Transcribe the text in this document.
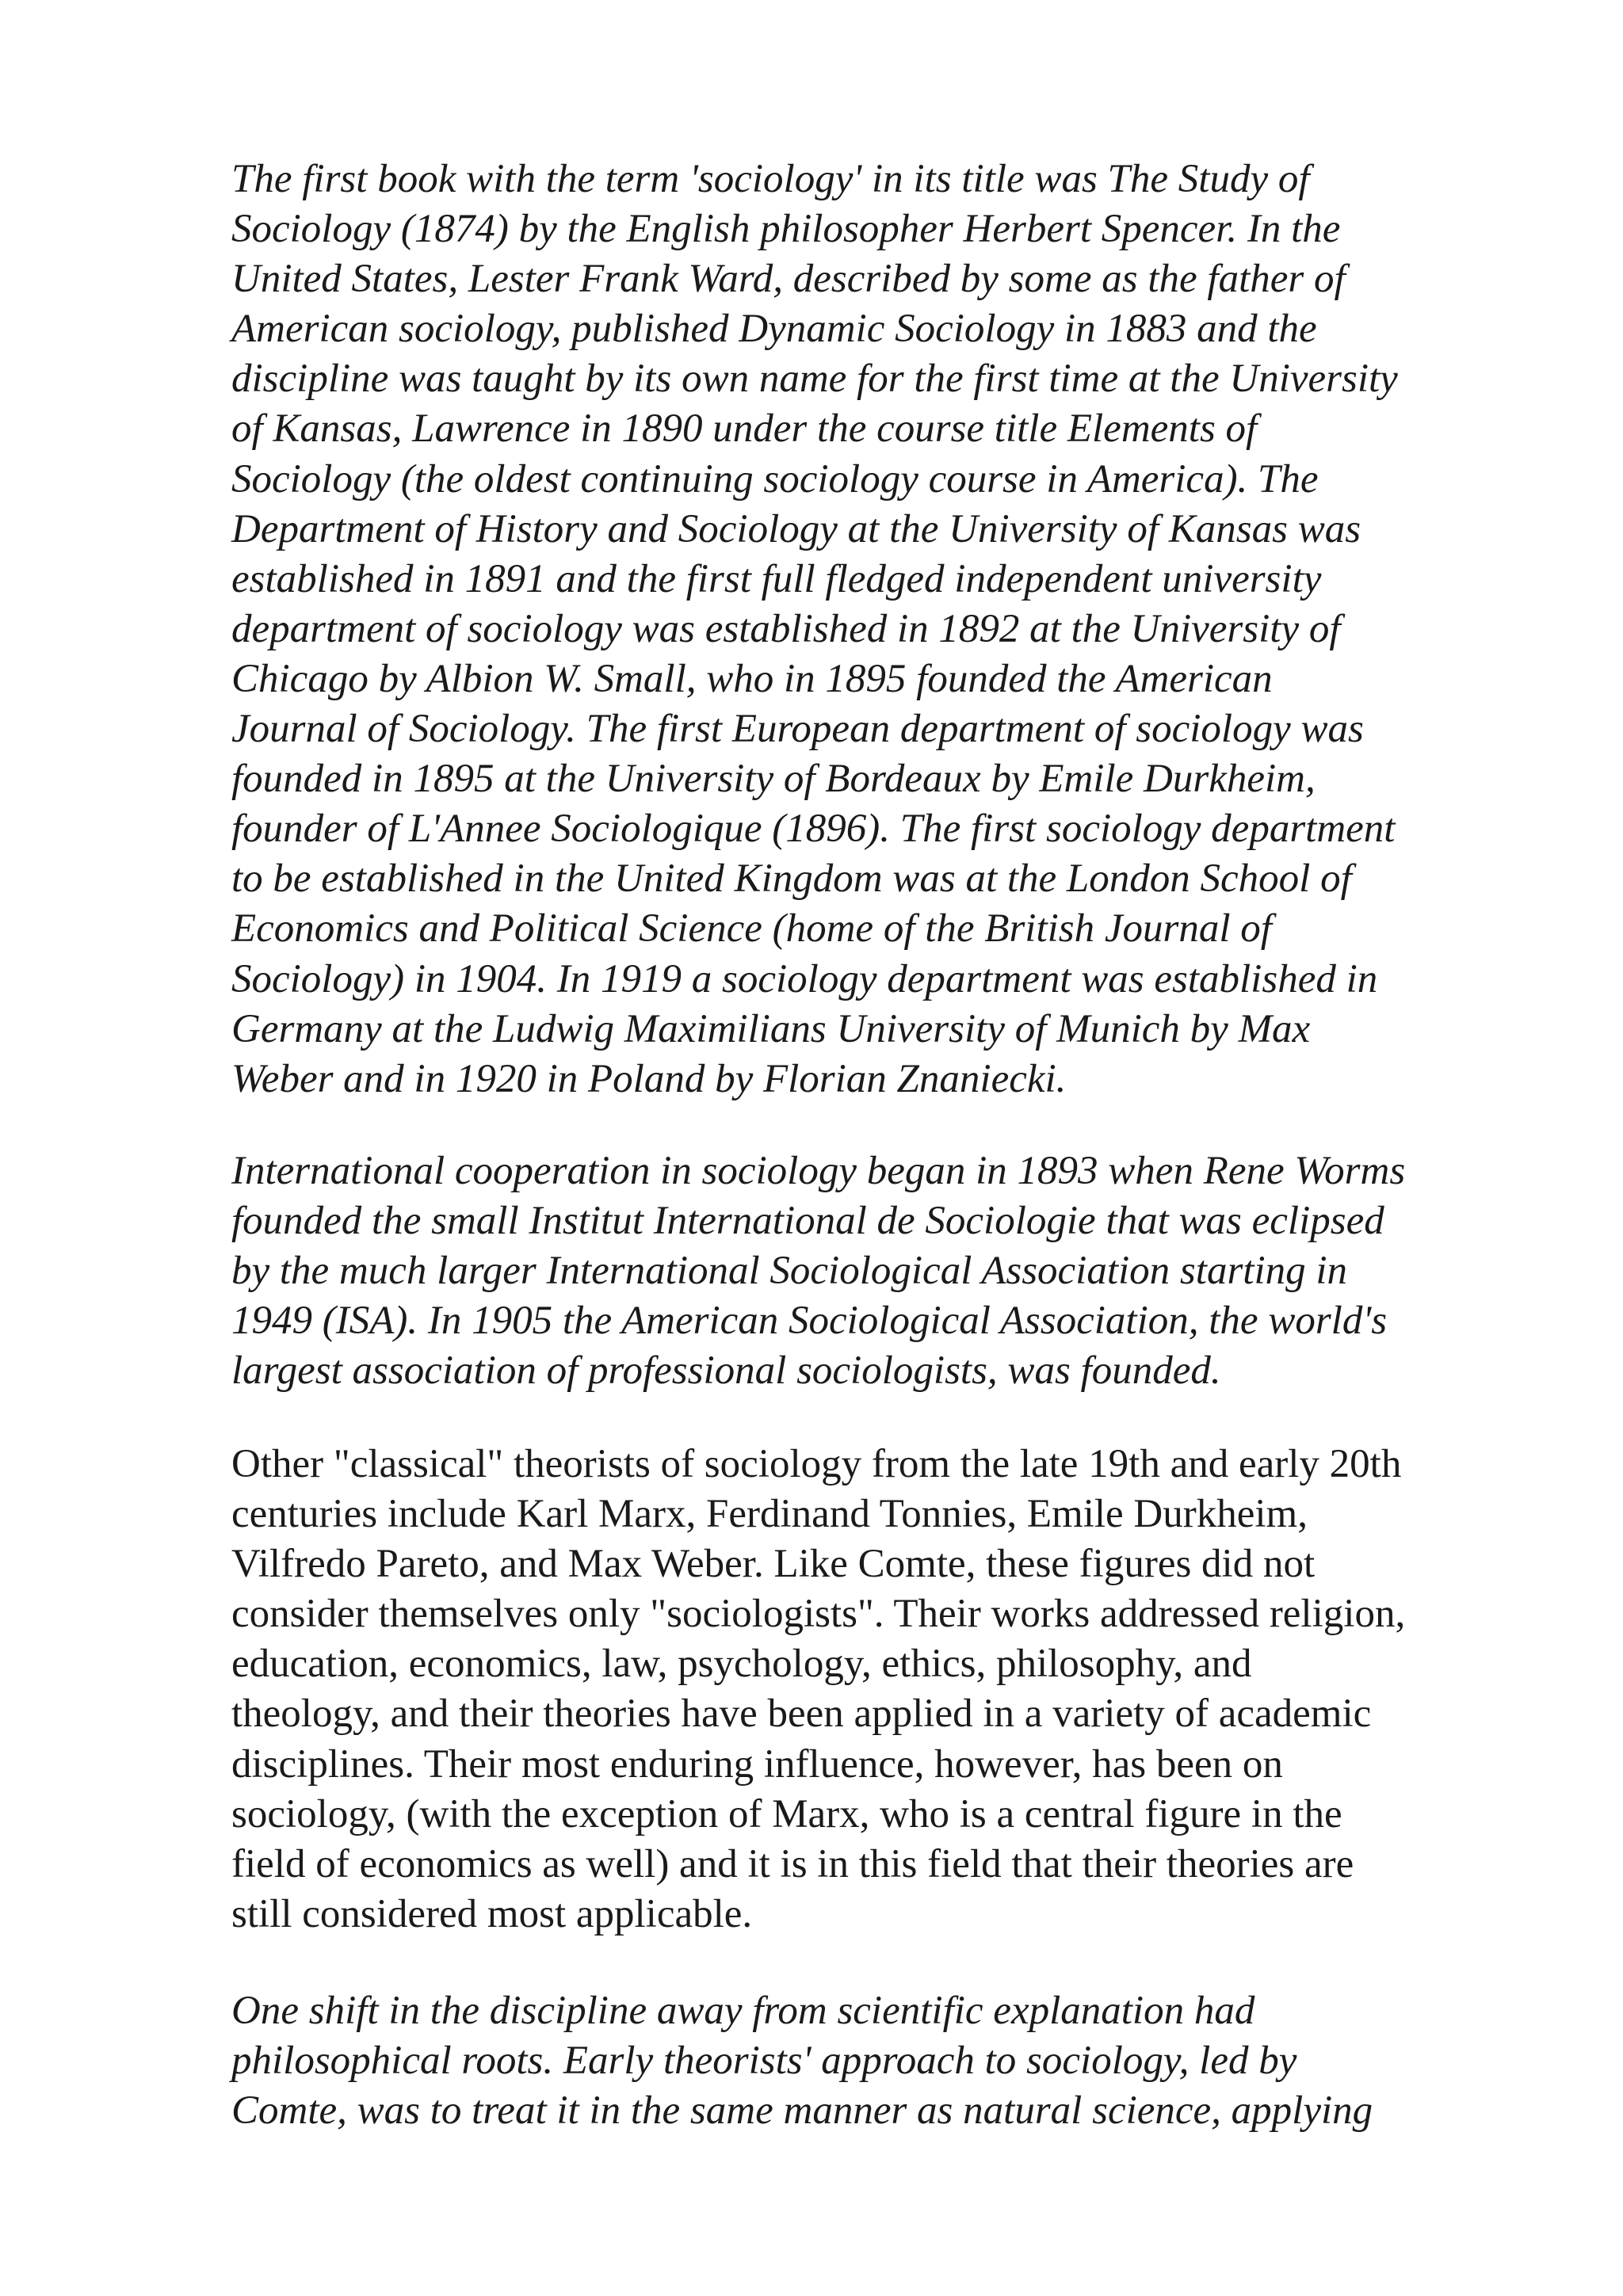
The first book with the term 'sociology' in its title was The Study of
Sociology (1874) by the English philosopher Herbert Spencer. In the
United States, Lester Frank Ward, described by some as the father of
American sociology, published Dynamic Sociology in 1883 and the
discipline was taught by its own name for the first time at the University
of Kansas, Lawrence in 1890 under the course title Elements of
Sociology (the oldest continuing sociology course in America). The
Department of History and Sociology at the University of Kansas was
established in 1891 and the first full fledged independent university
department of sociology was established in 1892 at the University of
Chicago by Albion W. Small, who in 1895 founded the American
Journal of Sociology. The first European department of sociology was
founded in 1895 at the University of Bordeaux by Emile Durkheim,
founder of L'Annee Sociologique (1896). The first sociology department
to be established in the United Kingdom was at the London School of
Economics and Political Science (home of the British Journal of
Sociology) in 1904. In 1919 a sociology department was established in
Germany at the Ludwig Maximilians University of Munich by Max
Weber and in 1920 in Poland by Florian Znaniecki.

International cooperation in sociology began in 1893 when Rene Worms
founded the small Institut International de Sociologie that was eclipsed
by the much larger International Sociological Association starting in
1949 (ISA). In 1905 the American Sociological Association, the world's
largest association of professional sociologists, was founded.

Other "classical" theorists of sociology from the late 19th and early 20th
centuries include Karl Marx, Ferdinand Tonnies, Emile Durkheim,
Vilfredo Pareto, and Max Weber. Like Comte, these figures did not
consider themselves only "sociologists". Their works addressed religion,
education, economics, law, psychology, ethics, philosophy, and
theology, and their theories have been applied in a variety of academic
disciplines. Their most enduring influence, however, has been on
sociology, (with the exception of Marx, who is a central figure in the
field of economics as well) and it is in this field that their theories are
still considered most applicable.

One shift in the discipline away from scientific explanation had
philosophical roots. Early theorists' approach to sociology, led by
Comte, was to treat it in the same manner as natural science, applying
